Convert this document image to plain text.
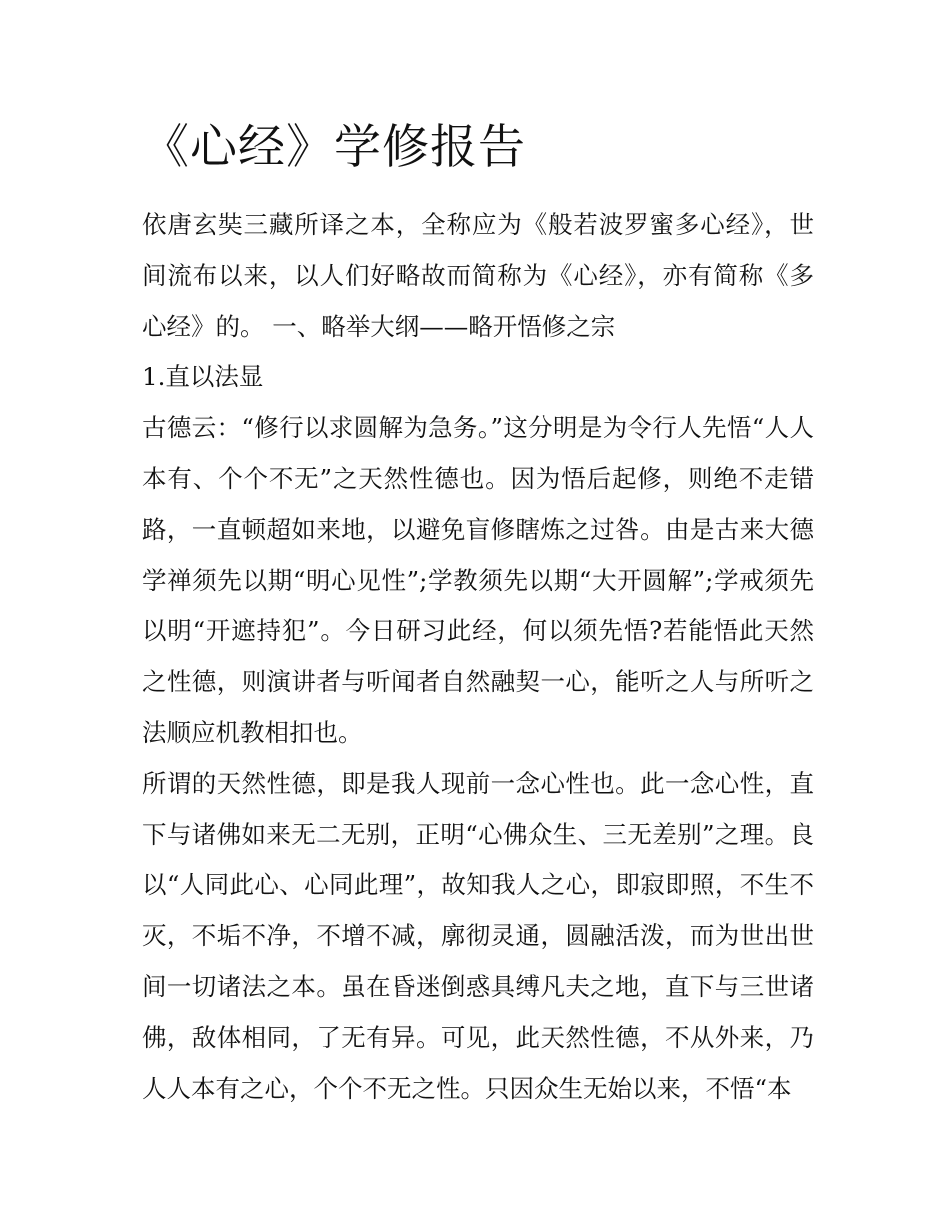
《心经》学修报告

依唐玄奘三藏所译之本，全称应为《般若波罗蜜多心经》，世间流布以来，以人们好略故而简称为《心经》，亦有简称《多心经》的。 一、略举大纲——略开悟修之宗

1.直以法显

古德云：“修行以求圆解为急务。”这分明是为令行人先悟“人人本有、个个不无”之天然性德也。因为悟后起修，则绝不走错路，一直顿超如来地，以避免盲修瞎炼之过咎。由是古来大德学禅须先以期“明心见性”;学教须先以期“大开圆解”;学戒须先以明“开遮持犯”。今日研习此经，何以须先悟?若能悟此天然之性德，则演讲者与听闻者自然融契一心，能听之人与所听之法顺应机教相扣也。

所谓的天然性德，即是我人现前一念心性也。此一念心性，直下与诸佛如来无二无别，正明“心佛众生、三无差别”之理。良以“人同此心、心同此理”，故知我人之心，即寂即照，不生不灭，不垢不净，不增不减，廓彻灵通，圆融活泼，而为世出世间一切诸法之本。虽在昏迷倒惑具缚凡夫之地，直下与三世诸佛，敌体相同，了无有异。可见，此天然性德，不从外来，乃人人本有之心，个个不无之性。只因众生无始以来，不悟“本
